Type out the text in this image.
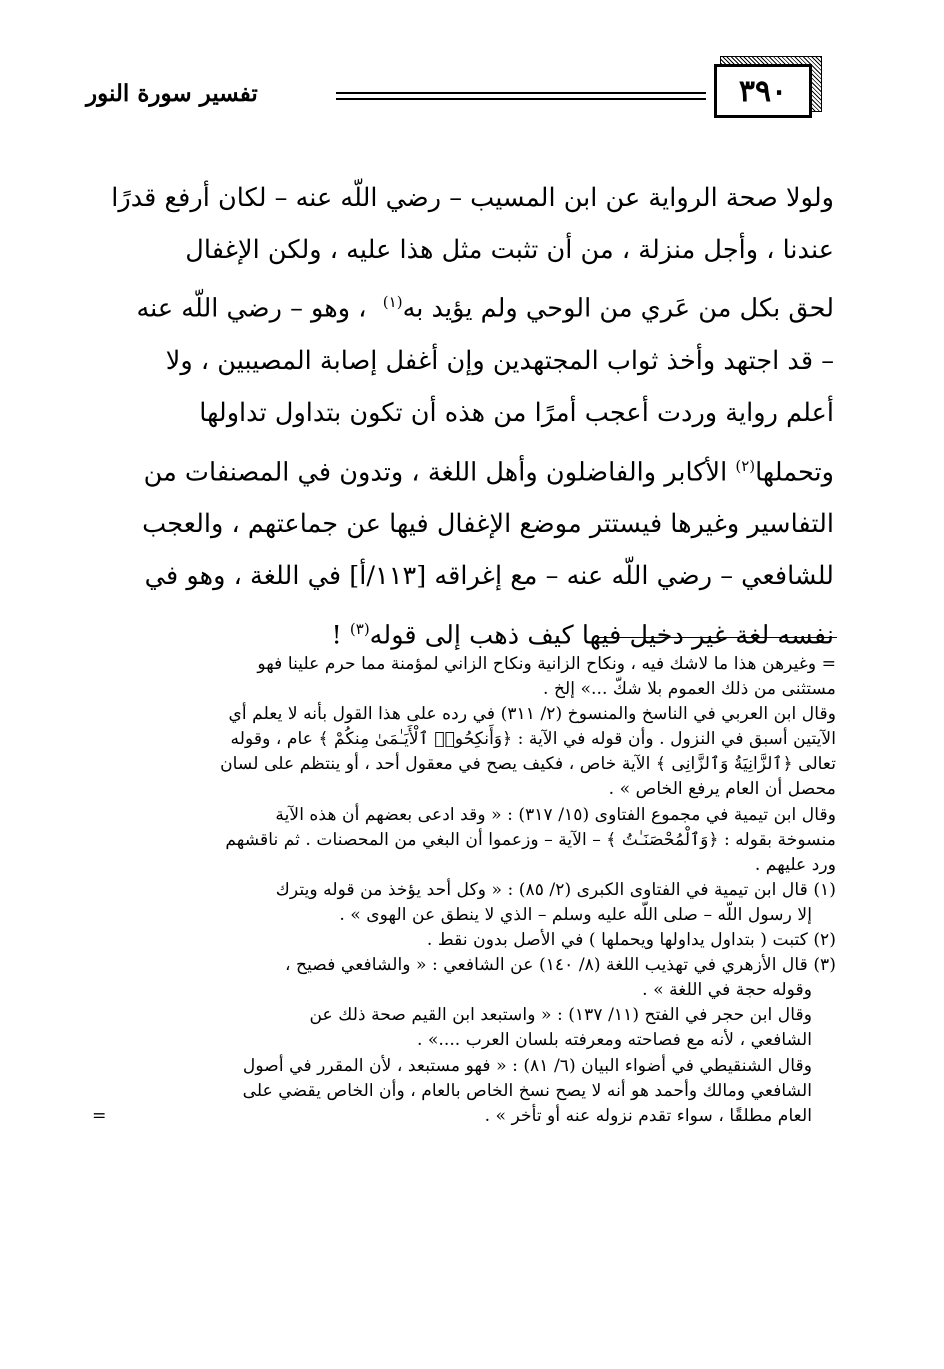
٣٩٠
تفسير سورة النور

ولولا صحة الرواية عن ابن المسيب – رضي اللّه عنه – لكان أرفع قدرًا

عندنا ، وأجل منزلة ، من أن تثبت مثل هذا عليه ، ولكن الإغفال

لحق بكل من عَري من الوحي ولم يؤيد به$^{(١)}$  ، وهو – رضي اللّه عنه

– قد اجتهد وأخذ ثواب المجتهدين وإن أغفل إصابة المصيبين ، ولا

أعلم رواية وردت أعجب أمرًا من هذه أن تكون بتداول تداولها

وتحملها$^{(٢)}$ الأكابر والفاضلون وأهل اللغة ، وتدون في المصنفات من

التفاسير وغيرها فيستتر موضع الإغفال فيها عن جماعتهم ، والعجب

للشافعي – رضي اللّه عنه – مع إغراقه [١١٣/أ] في اللغة ، وهو في

نفسه لغة غير دخيل فيها كيف ذهب إلى قوله$^{(٣)}$ !

= وغيرهن هذا ما لاشك فيه ، ونكاح الزانية ونكاح الزاني لمؤمنة مما حرم علينا فهو

مستثنى من ذلك العموم بلا شكّ ...» إلخ .

وقال ابن العربي في الناسخ والمنسوخ (٢/ ٣١١) في رده على هذا القول بأنه لا يعلم أي

الآيتين أسبق في النزول . وأن قوله في الآية : ﴿وَأَنكِحُوا۟ ٱلْأَيَـٰمَىٰ مِنكُمْ ﴾ عام ، وقوله

تعالى ﴿ٱلزَّانِيَةُ وَٱلزَّانِى ﴾ الآية خاص ، فكيف يصح في معقول أحد ، أو ينتظم على لسان

محصل أن العام يرفع الخاص » .

وقال ابن تيمية في مجموع الفتاوى (١٥/ ٣١٧) : « وقد ادعى بعضهم أن هذه الآية

منسوخة بقوله : ﴿وَٱلْمُحْصَنَـٰتُ ﴾ – الآية – وزعموا أن البغي من المحصنات . ثم ناقشهم

ورد عليهم .

(١) قال ابن تيمية في الفتاوى الكبرى (٢/ ٨٥) : « وكل أحد يؤخذ من قوله ويترك

إلا رسول اللّه – صلى اللّه عليه وسلم – الذي لا ينطق عن الهوى » .

(٢) كتبت ( بتداول يداولها ويحملها ) في الأصل بدون نقط .

(٣) قال الأزهري في تهذيب اللغة (٨/ ١٤٠) عن الشافعي : « والشافعي فصيح ،

وقوله حجة في اللغة » .

وقال ابن حجر في الفتح (١١/ ١٣٧) : « واستبعد ابن القيم صحة ذلك عن

الشافعي ، لأنه مع فصاحته ومعرفته بلسان العرب ....» .

وقال الشنقيطي في أضواء البيان (٦/ ٨١) : « فهو مستبعد ، لأن المقرر في أصول

الشافعي ومالك وأحمد هو أنه لا يصح نسخ الخاص بالعام ، وأن الخاص يقضي على

العام مطلقًا ، سواء تقدم نزوله عنه أو تأخر » .
=
